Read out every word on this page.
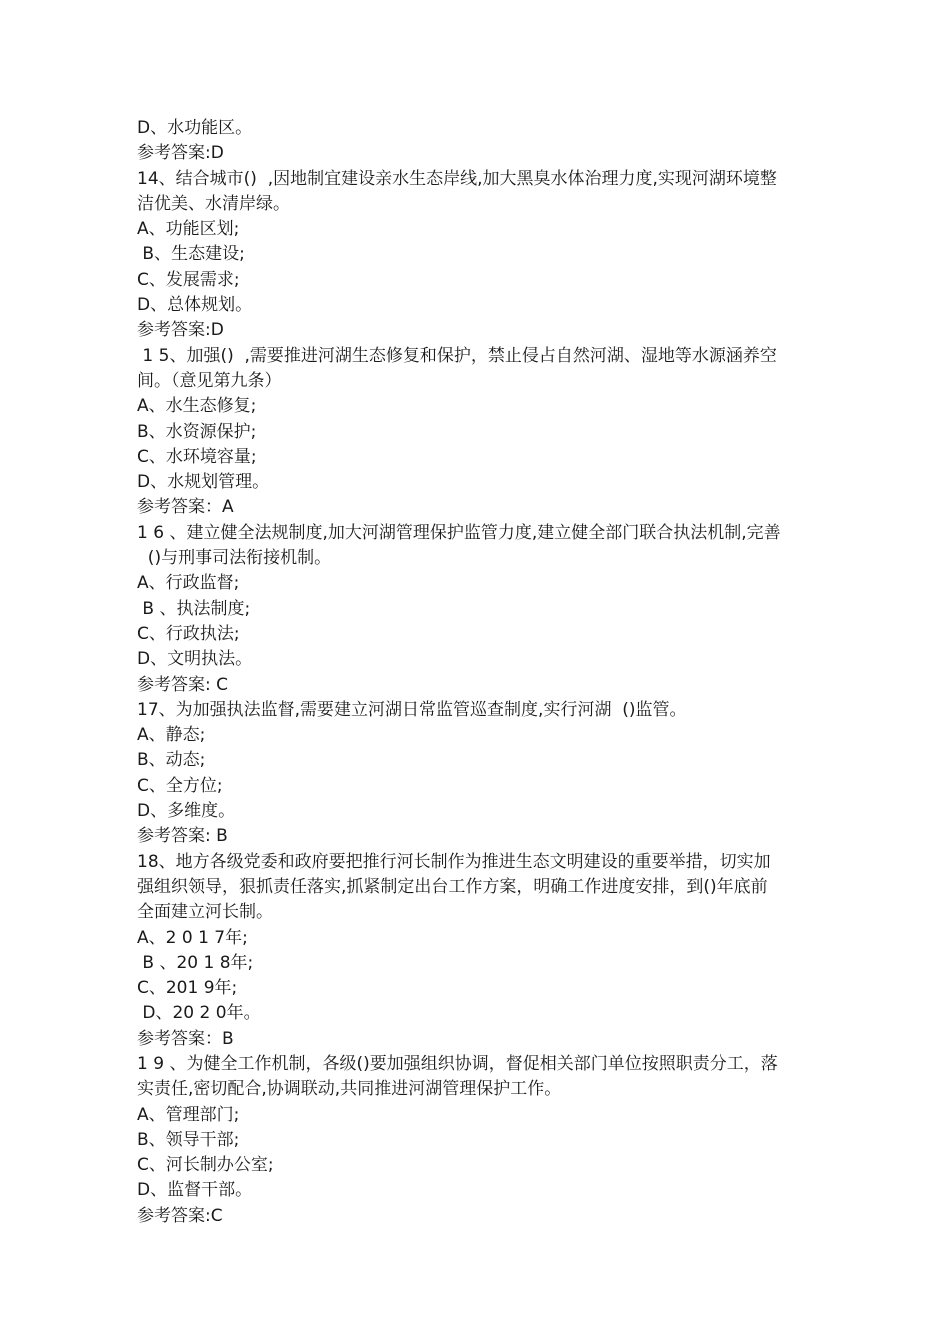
D、水功能区。
参考答案:D
14、结合城市()  ,因地制宜建设亲水生态岸线,加大黑臭水体治理力度,实现河湖环境整
洁优美、水清岸绿。
A、功能区划;
B、生态建设;
C、发展需求;
D、总体规划。
参考答案:D
1 5、加强()  ,需要推进河湖生态修复和保护，禁止侵占自然河湖、湿地等水源涵养空
间。（意见第九条）
A、水生态修复;
B、水资源保护;
C、水环境容量;
D、水规划管理。
参考答案：A
1 6 、建立健全法规制度,加大河湖管理保护监管力度,建立健全部门联合执法机制,完善
()与刑事司法衔接机制。
A、行政监督;
B 、执法制度;
C、行政执法;
D、文明执法。
参考答案: C
17、为加强执法监督,需要建立河湖日常监管巡查制度,实行河湖  ()监管。
A、静态;
B、动态;
C、全方位;
D、多维度。
参考答案: B
18、地方各级党委和政府要把推行河长制作为推进生态文明建设的重要举措，切实加
强组织领导，狠抓责任落实,抓紧制定出台工作方案，明确工作进度安排，到()年底前
全面建立河长制。
A、2 0 1 7年;
B 、20 1 8年;
C、201 9年;
D、20 2 0年。
参考答案：B
1 9 、为健全工作机制，各级()要加强组织协调，督促相关部门单位按照职责分工，落
实责任,密切配合,协调联动,共同推进河湖管理保护工作。
A、管理部门;
B、领导干部;
C、河长制办公室;
D、监督干部。
参考答案:C
